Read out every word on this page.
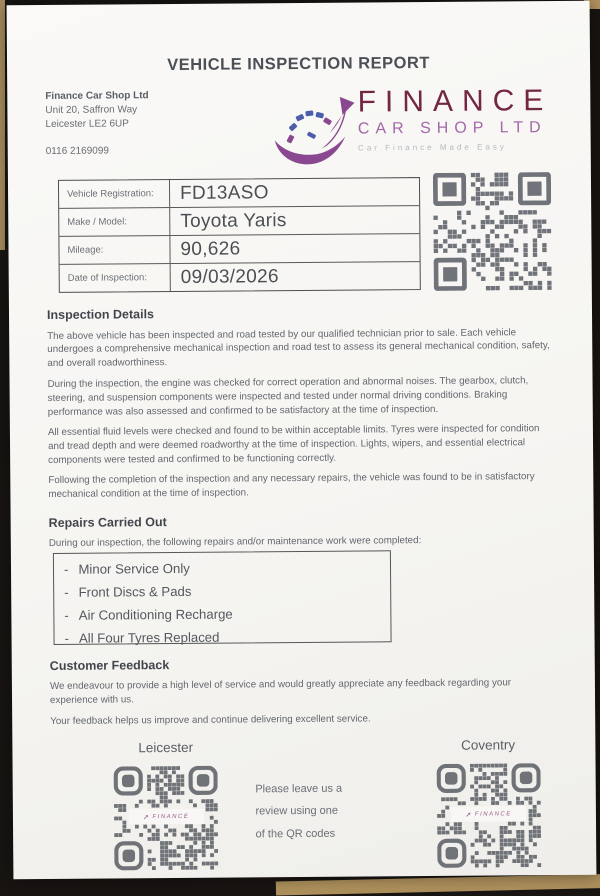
VEHICLE INSPECTION REPORT
Finance Car Shop Ltd
Unit 20, Saffron Way
Leicester LE2 6UP
0116 2169099
FINANCE
CAR SHOP LTD
Car Finance Made Easy
Vehicle Registration:	FD13ASO
Make / Model:	Toyota Yaris
Mileage:	90,626
Date of Inspection:	09/03/2026
Inspection Details
The above vehicle has been inspected and road tested by our qualified technician prior to sale. Each vehicle undergoes a comprehensive mechanical inspection and road test to assess its general mechanical condition, safety, and overall roadworthiness.
During the inspection, the engine was checked for correct operation and abnormal noises. The gearbox, clutch, steering, and suspension components were inspected and tested under normal driving conditions. Braking performance was also assessed and confirmed to be satisfactory at the time of inspection.
All essential fluid levels were checked and found to be within acceptable limits. Tyres were inspected for condition and tread depth and were deemed roadworthy at the time of inspection. Lights, wipers, and essential electrical components were tested and confirmed to be functioning correctly.
Following the completion of the inspection and any necessary repairs, the vehicle was found to be in satisfactory mechanical condition at the time of inspection.
Repairs Carried Out
During our inspection, the following repairs and/or maintenance work were completed:
- Minor Service Only
- Front Discs & Pads
- Air Conditioning Recharge
- All Four Tyres Replaced
Customer Feedback
We endeavour to provide a high level of service and would greatly appreciate any feedback regarding your experience with us.
Your feedback helps us improve and continue delivering excellent service.
Leicester
➚ FINANCE
Please leave us a
review using one
of the QR codes
Coventry
➚ FINANCE
